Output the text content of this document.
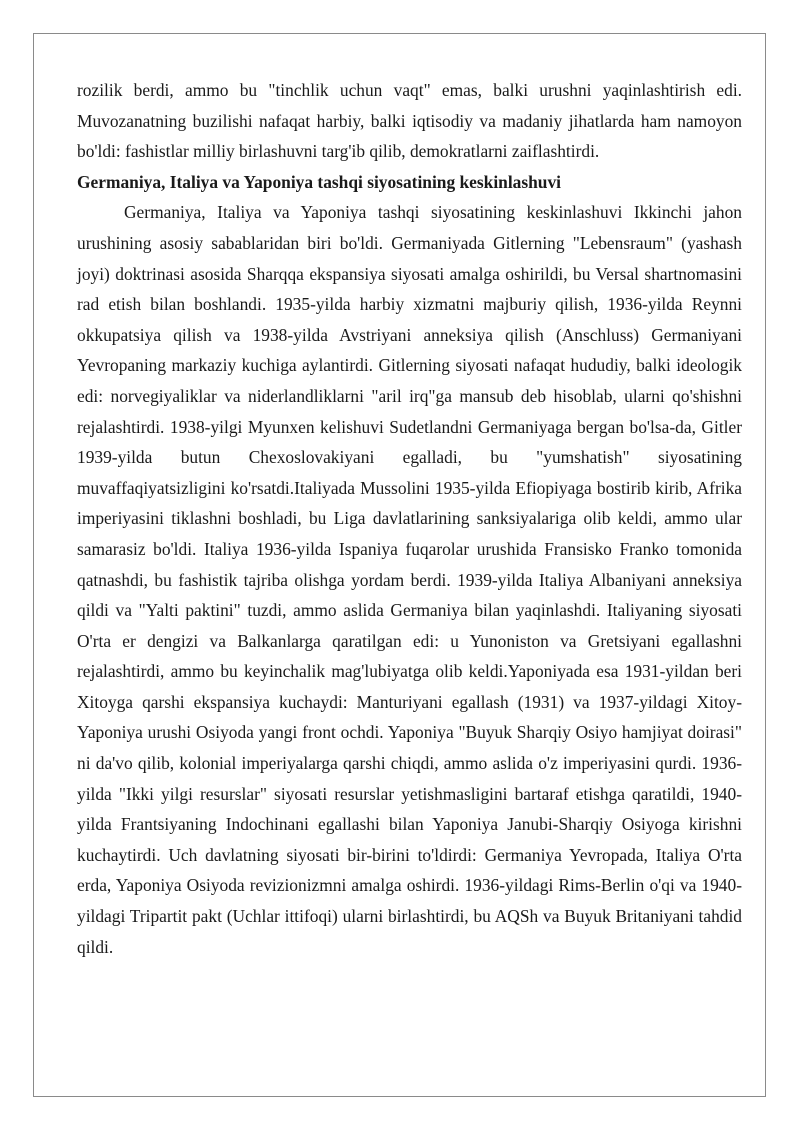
rozilik berdi, ammo bu "tinchlik uchun vaqt" emas, balki urushni yaqinlashtirish edi. Muvozanatning buzilishi nafaqat harbiy, balki iqtisodiy va madaniy jihatlarda ham namoyon bo'ldi: fashistlar milliy birlashuvni targ'ib qilib, demokratlarni zaiflashtirdi.

Germaniya, Italiya va Yaponiya tashqi siyosatining keskinlashuvi

Germaniya, Italiya va Yaponiya tashqi siyosatining keskinlashuvi Ikkinchi jahon urushining asosiy sabablaridan biri bo'ldi. Germaniyada Gitlerning "Lebensraum" (yashash joyi) doktrinasi asosida Sharqqa ekspansiya siyosati amalga oshirildi, bu Versal shartnomasini rad etish bilan boshlandi. 1935-yilda harbiy xizmatni majburiy qilish, 1936-yilda Reynni okkupatsiya qilish va 1938-yilda Avstriyani anneksiya qilish (Anschluss) Germaniyani Yevropaning markaziy kuchiga aylantirdi. Gitlerning siyosati nafaqat hududiy, balki ideologik edi: norvegiyaliklar va niderlandliklarni "aril irq"ga mansub deb hisoblab, ularni qo'shishni rejalashtirdi. 1938-yilgi Myunxen kelishuvi Sudetlandni Germaniyaga bergan bo'lsa-da, Gitler 1939-yilda butun Chexoslovakiyani egalladi, bu "yumshatish" siyosatining muvaffaqiyatsizligini ko'rsatdi.Italiyada Mussolini 1935-yilda Efiopiyaga bostirib kirib, Afrika imperiyasini tiklashni boshladi, bu Liga davlatlarining sanksiyalariga olib keldi, ammo ular samarasiz bo'ldi. Italiya 1936-yilda Ispaniya fuqarolar urushida Fransisko Franko tomonida qatnashdi, bu fashistik tajriba olishga yordam berdi. 1939-yilda Italiya Albaniyani anneksiya qildi va "Yalti paktini" tuzdi, ammo aslida Germaniya bilan yaqinlashdi. Italiyaning siyosati O'rta er dengizi va Balkanlarga qaratilgan edi: u Yunoniston va Gretsiyani egallashni rejalashtirdi, ammo bu keyinchalik mag'lubiyatga olib keldi.Yaponiyada esa 1931-yildan beri Xitoyga qarshi ekspansiya kuchaydi: Manturiyani egallash (1931) va 1937-yildagi Xitoy-Yaponiya urushi Osiyoda yangi front ochdi. Yaponiya "Buyuk Sharqiy Osiyo hamjiyat doirasi" ni da'vo qilib, kolonial imperiyalarga qarshi chiqdi, ammo aslida o'z imperiyasini qurdi. 1936-yilda "Ikki yilgi resurslar" siyosati resurslar yetishmasligini bartaraf etishga qaratildi, 1940-yilda Frantsiyaning Indochinani egallashi bilan Yaponiya Janubi-Sharqiy Osiyoga kirishni kuchaytirdi. Uch davlatning siyosati bir-birini to'ldirdi: Germaniya Yevropada, Italiya O'rta erda, Yaponiya Osiyoda revizionizmni amalga oshirdi. 1936-yildagi Rims-Berlin o'qi va 1940-yildagi Tripartit pakt (Uchlar ittifoqi) ularni birlashtirdi, bu AQSh va Buyuk Britaniyani tahdid qildi.
